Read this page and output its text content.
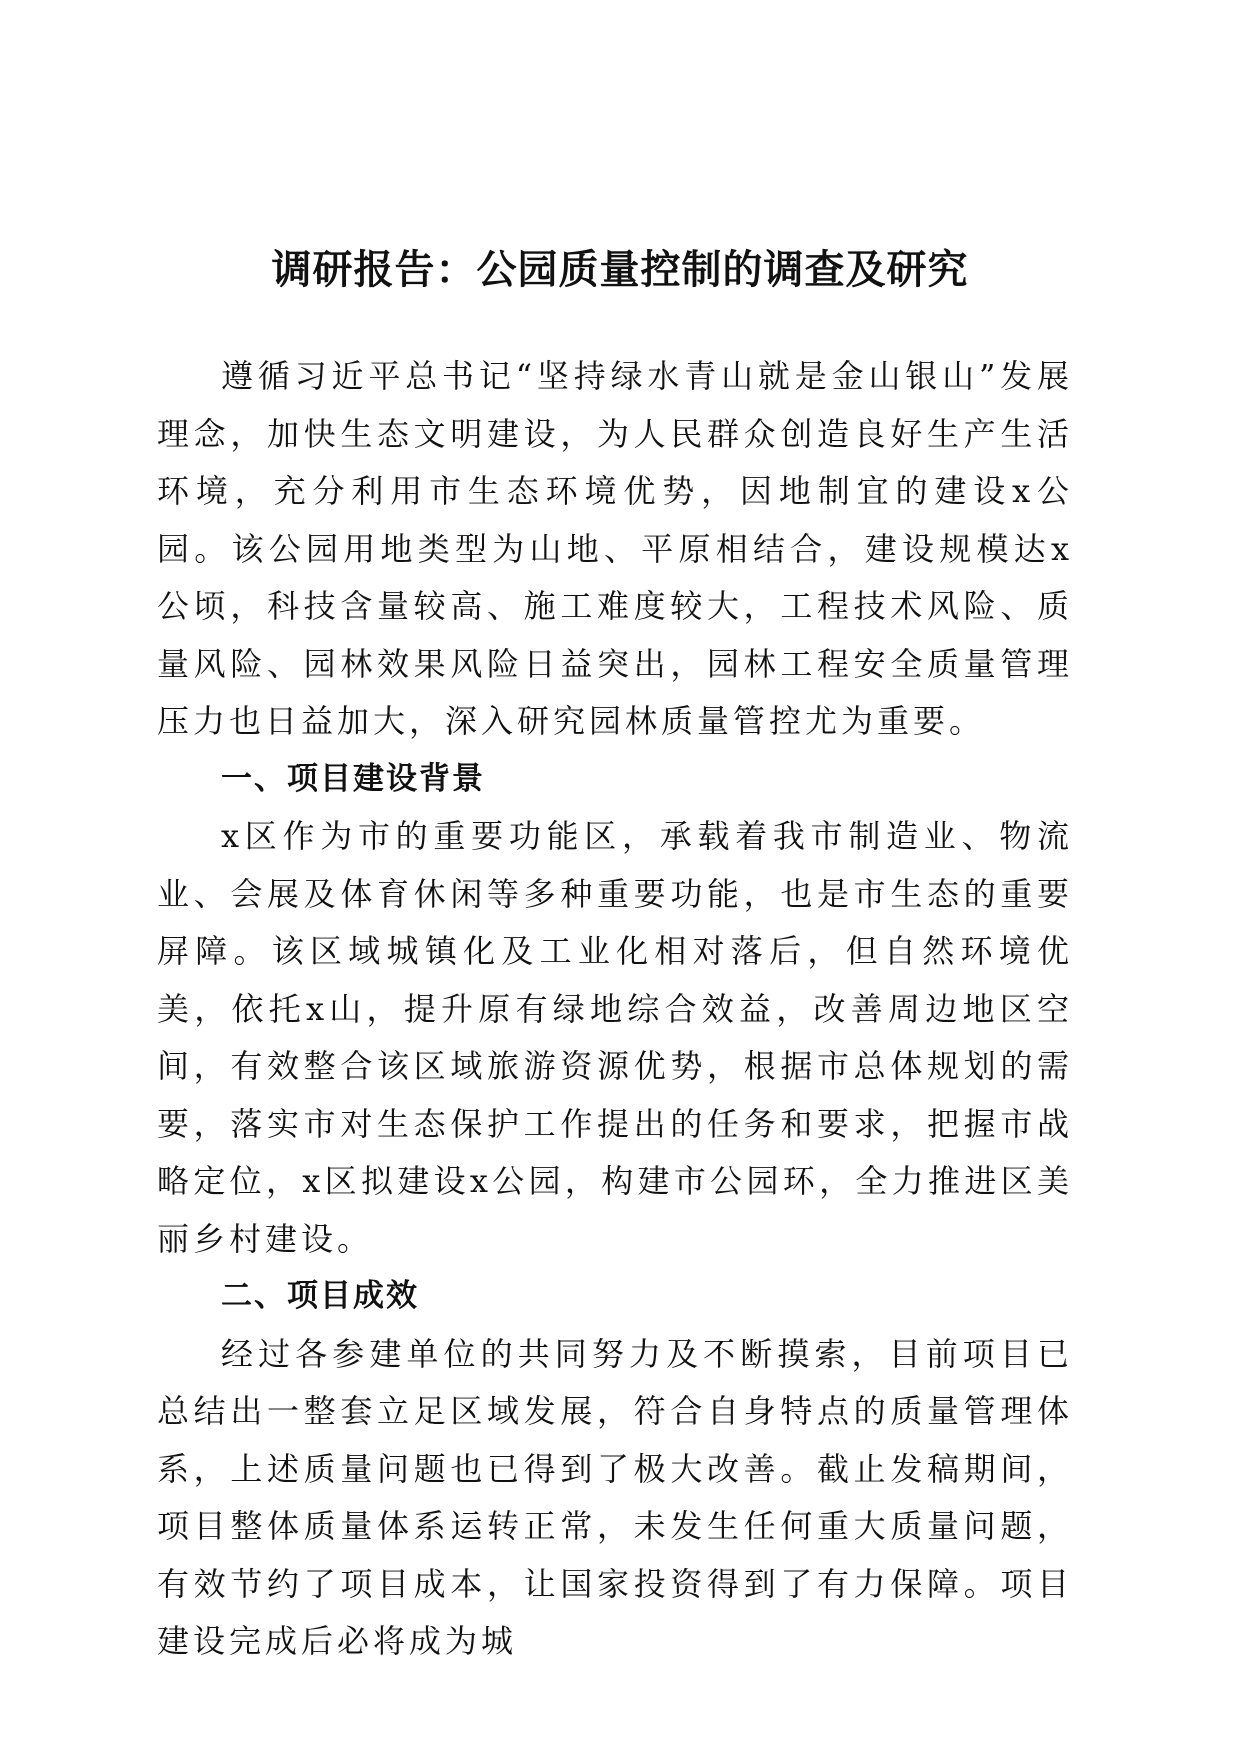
调研报告：公园质量控制的调查及研究

遵循习近平总书记“坚持绿水青山就是金山银山”发展理念，加快生态文明建设，为人民群众创造良好生产生活环境，充分利用市生态环境优势，因地制宜的建设x公园。该公园用地类型为山地、平原相结合，建设规模达x公顷，科技含量较高、施工难度较大，工程技术风险、质量风险、园林效果风险日益突出，园林工程安全质量管理压力也日益加大，深入研究园林质量管控尤为重要。

一、项目建设背景

x区作为市的重要功能区，承载着我市制造业、物流业、会展及体育休闲等多种重要功能，也是市生态的重要屏障。该区域城镇化及工业化相对落后，但自然环境优美，依托x山，提升原有绿地综合效益，改善周边地区空间，有效整合该区域旅游资源优势，根据市总体规划的需要，落实市对生态保护工作提出的任务和要求，把握市战略定位，x区拟建设x公园，构建市公园环，全力推进区美丽乡村建设。

二、项目成效

经过各参建单位的共同努力及不断摸索，目前项目已总结出一整套立足区域发展，符合自身特点的质量管理体系，上述质量问题也已得到了极大改善。截止发稿期间，项目整体质量体系运转正常，未发生任何重大质量问题，有效节约了项目成本，让国家投资得到了有力保障。项目建设完成后必将成为城
